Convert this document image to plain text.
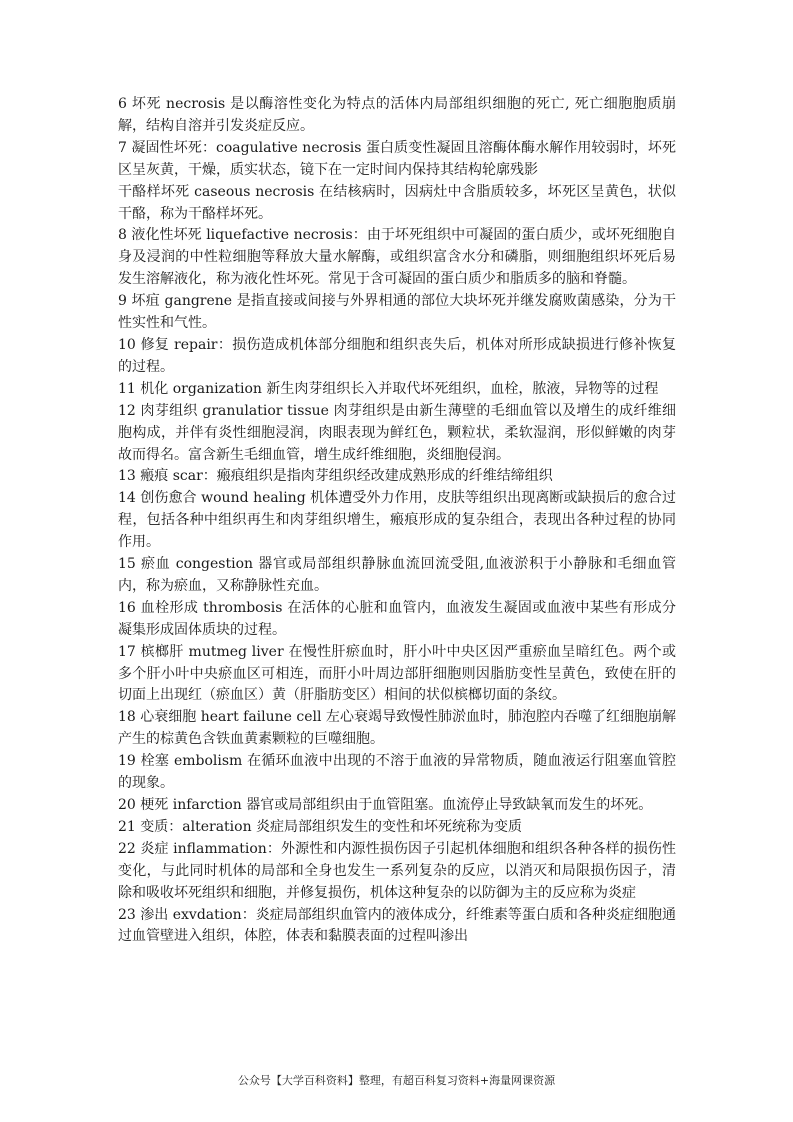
6 坏死 necrosis 是以酶溶性变化为特点的活体内局部组织细胞的死亡, 死亡细胞胞质崩解，结构自溶并引发炎症反应。

7 凝固性坏死：coagulative necrosis 蛋白质变性凝固且溶酶体酶水解作用较弱时，坏死区呈灰黄，干燥，质实状态，镜下在一定时间内保持其结构轮廓残影

干酪样坏死 caseous necrosis 在结核病时，因病灶中含脂质较多，坏死区呈黄色，状似干酪，称为干酪样坏死。

8 液化性坏死 liquefactive necrosis：由于坏死组织中可凝固的蛋白质少，或坏死细胞自身及浸润的中性粒细胞等释放大量水解酶，或组织富含水分和磷脂，则细胞组织坏死后易发生溶解液化，称为液化性坏死。常见于含可凝固的蛋白质少和脂质多的脑和脊髓。

9 坏疽 gangrene 是指直接或间接与外界相通的部位大块坏死并继发腐败菌感染，分为干性实性和气性。

10 修复 repair：损伤造成机体部分细胞和组织丧失后，机体对所形成缺损进行修补恢复的过程。

11 机化 organization 新生肉芽组织长入并取代坏死组织，血栓，脓液，异物等的过程

12 肉芽组织 granulatior tissue 肉芽组织是由新生薄壁的毛细血管以及增生的成纤维细胞构成，并伴有炎性细胞浸润，肉眼表现为鲜红色，颗粒状，柔软湿润，形似鲜嫩的肉芽故而得名。富含新生毛细血管，增生成纤维细胞，炎细胞侵润。

13 瘢痕 scar：瘢痕组织是指肉芽组织经改建成熟形成的纤维结缔组织

14 创伤愈合 wound healing 机体遭受外力作用，皮肤等组织出现离断或缺损后的愈合过程，包括各种中组织再生和肉芽组织增生，瘢痕形成的复杂组合，表现出各种过程的协同作用。

15 瘀血 congestion 器官或局部组织静脉血流回流受阻,血液淤积于小静脉和毛细血管内，称为瘀血，又称静脉性充血。

16 血栓形成 thrombosis 在活体的心脏和血管内，血液发生凝固或血液中某些有形成分凝集形成固体质块的过程。

17 槟榔肝 mutmeg liver 在慢性肝瘀血时，肝小叶中央区因严重瘀血呈暗红色。两个或多个肝小叶中央瘀血区可相连，而肝小叶周边部肝细胞则因脂肪变性呈黄色，致使在肝的切面上出现红（瘀血区）黄（肝脂肪变区）相间的状似槟榔切面的条纹。

18 心衰细胞 heart failune cell 左心衰竭导致慢性肺淤血时，肺泡腔内吞噬了红细胞崩解产生的棕黄色含铁血黄素颗粒的巨噬细胞。

19 栓塞 embolism 在循环血液中出现的不溶于血液的异常物质，随血液运行阻塞血管腔的现象。

20 梗死 infarction 器官或局部组织由于血管阻塞。血流停止导致缺氧而发生的坏死。

21 变质：alteration 炎症局部组织发生的变性和坏死统称为变质

22 炎症 inflammation：外源性和内源性损伤因子引起机体细胞和组织各种各样的损伤性变化，与此同时机体的局部和全身也发生一系列复杂的反应，以消灭和局限损伤因子，清除和吸收坏死组织和细胞，并修复损伤，机体这种复杂的以防御为主的反应称为炎症

23 渗出 exvdation：炎症局部组织血管内的液体成分，纤维素等蛋白质和各种炎症细胞通过血管壁进入组织，体腔，体表和黏膜表面的过程叫渗出

公众号【大学百科资料】整理，有超百科复习资料+海量网课资源
